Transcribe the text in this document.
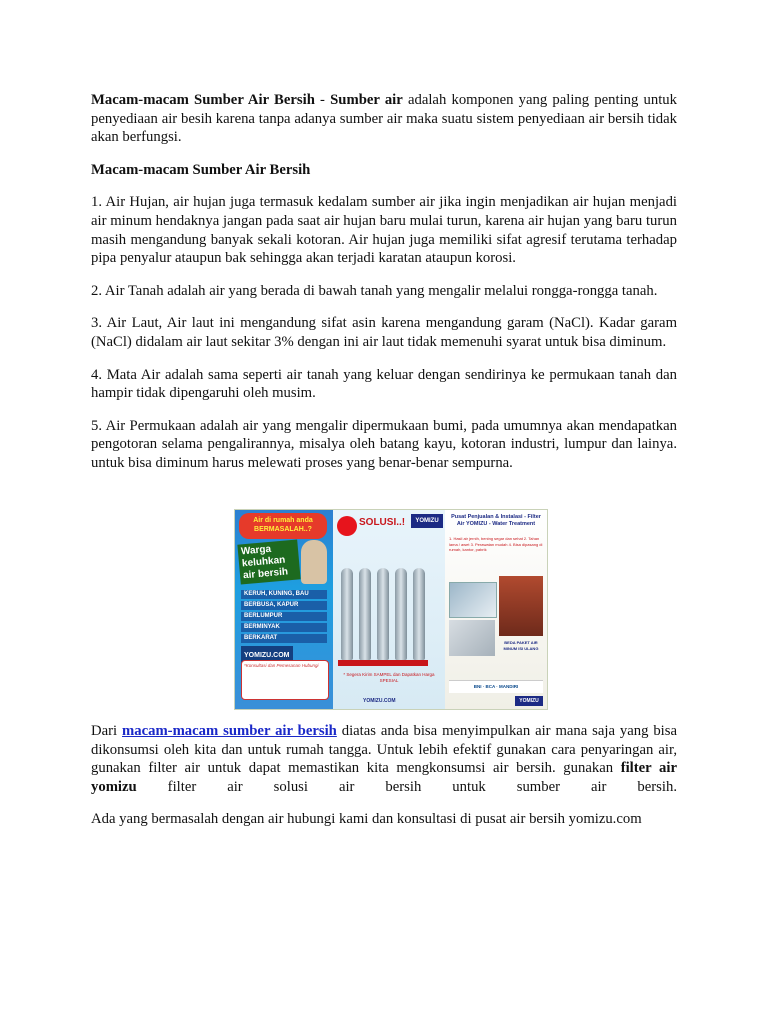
Macam-macam Sumber Air Bersih - Sumber air adalah komponen yang paling penting untuk penyediaan air besih karena tanpa adanya sumber air maka suatu sistem penyediaan air bersih tidak akan berfungsi.

Macam-macam Sumber Air Bersih

1. Air Hujan, air hujan juga termasuk kedalam sumber air jika ingin menjadikan air hujan menjadi air minum hendaknya jangan pada saat air hujan baru mulai turun, karena air hujan yang baru turun masih mengandung banyak sekali kotoran. Air hujan juga memiliki sifat agresif terutama terhadap pipa penyalur ataupun bak sehingga akan terjadi karatan ataupun korosi.

2. Air Tanah adalah air yang berada di bawah tanah yang mengalir melalui rongga-rongga tanah.

3. Air Laut, Air laut ini mengandung sifat asin karena mengandung garam (NaCl). Kadar garam (NaCl) didalam air laut sekitar 3% dengan ini air laut tidak memenuhi syarat untuk bisa diminum.

4. Mata Air adalah sama seperti air tanah yang keluar dengan sendirinya ke permukaan tanah dan hampir tidak dipengaruhi oleh musim.

5. Air Permukaan adalah air yang mengalir dipermukaan bumi, pada umumnya akan mendapatkan pengotoran selama pengalirannya, misalya oleh batang kayu, kotoran industri, lumpur dan lainya. untuk bisa diminum harus melewati proses yang benar-benar sempurna.

Air di rumah anda BERMASALAH..?
Warga keluhkan air bersih
KERUH, KUNING, BAU
BERBUSA, KAPUR
BERLUMPUR
BERMINYAK
BERKARAT
YOMIZU.COM
*Konsultasi dan Pemesanan Hubungi
SOLUSI..!	YOMIZU
* Segera Kirim SAMPEL dan Dapatkan Harga SPESIAL
YOMIZU.COM
Pusat Penjualan & Instalasi - Filter Air YOMIZU - Water Treatment
1. Hasil air jernih, bening segar dan sehat 2. Tahan lama / awet 3. Perawatan mudah 4. Bisa dipasang di rumah, kantor, pabrik
BEDA PAKET AIR MINUM ISI ULANG
BNI · BCA · MANDIRI
YOMIZU

Dari macam-macam sumber air bersih diatas anda bisa menyimpulkan air mana saja yang bisa dikonsumsi oleh kita dan untuk rumah tangga. Untuk lebih efektif gunakan cara penyaringan air, gunakan filter air untuk dapat memastikan kita mengkonsumsi air bersih. gunakan filter air yomizu filter air solusi air bersih untuk sumber air bersih.

Ada yang bermasalah dengan air hubungi kami dan konsultasi di pusat air bersih yomizu.com
